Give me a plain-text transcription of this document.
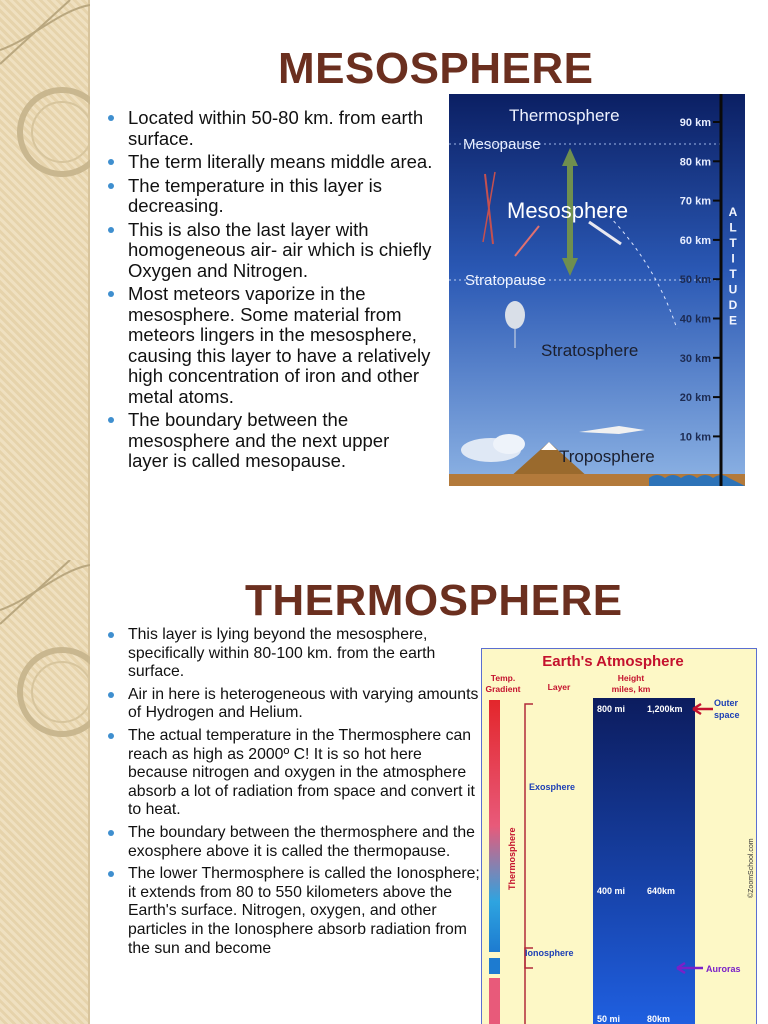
MESOSPHERE
Located within 50-80 km. from earth surface.
The term literally means middle area.
The temperature in this layer is decreasing.
This is also the last layer with homogeneous air- air which is chiefly Oxygen and Nitrogen.
Most meteors vaporize in the mesosphere. Some material from meteors lingers in the mesosphere, causing this layer to have a relatively high concentration of iron and other metal atoms.
The boundary between the mesosphere and the next upper layer is called mesopause.
Thermosphere
Mesopause
Mesosphere
Stratopause
Stratosphere
Troposphere
90 km
80 km
70 km
60 km
50 km
40 km
30 km
20 km
10 km
A
L
T
I
T
U
D
E
THERMOSPHERE
This layer is lying beyond the mesosphere, specifically within 80-100 km. from the earth surface.
Air in here is heterogeneous with varying amounts of Hydrogen and Helium.
The actual temperature in the Thermosphere can reach as high as 2000º C! It is so hot here because nitrogen and oxygen in the atmosphere absorb a lot of radiation from space and convert it to heat.
The boundary between the thermosphere and the exosphere above it is called the thermopause.
The lower Thermosphere is called the Ionosphere; it extends from 80 to 550 kilometers above the Earth's surface. Nitrogen, oxygen, and other particles in the Ionosphere absorb radiation from the sun and become
Earth's Atmosphere
Temp.
Gradient	Layer
Height
miles, km
Thermosphere
Exosphere
Ionosphere
800 mi 1,200km
400 mi 640km
50 mi	80km
Outer
space
Auroras
©ZoomSchool.com
